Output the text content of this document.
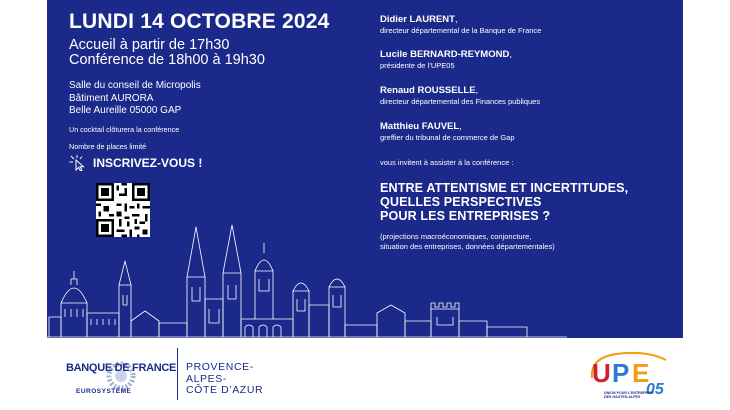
LUNDI 14 OCTOBRE 2024
Accueil à partir de 17h30
Conférence de 18h00 à 19h30
Salle du conseil de Micropolis
Bâtiment AURORA
Belle Aureille 05000 GAP
Un cocktail clôturera la conférence
Nombre de places limité
INSCRIVEZ-VOUS !
Didier LAURENT,
directeur départemental de la Banque de France
Lucile BERNARD-REYMOND,
présidente de l’UPE05
Renaud ROUSSELLE,
directeur départemental des Finances publiques
Matthieu FAUVEL,
greffier du tribunal de commerce de Gap
vous invitent à assister à la conférence :
ENTRE ATTENTISME ET INCERTITUDES,
QUELLES PERSPECTIVES
POUR LES ENTREPRISES ?
(projections macroéconomiques, conjoncture,
situation des entreprises, données départementales)
BANQUE DE FRANCE
EUROSYSTÈME
PROVENCE-
ALPES-
CÔTE D’AZUR
U P E
05
UNION POUR L’ENTREPRISE
DES HAUTES-ALPES
